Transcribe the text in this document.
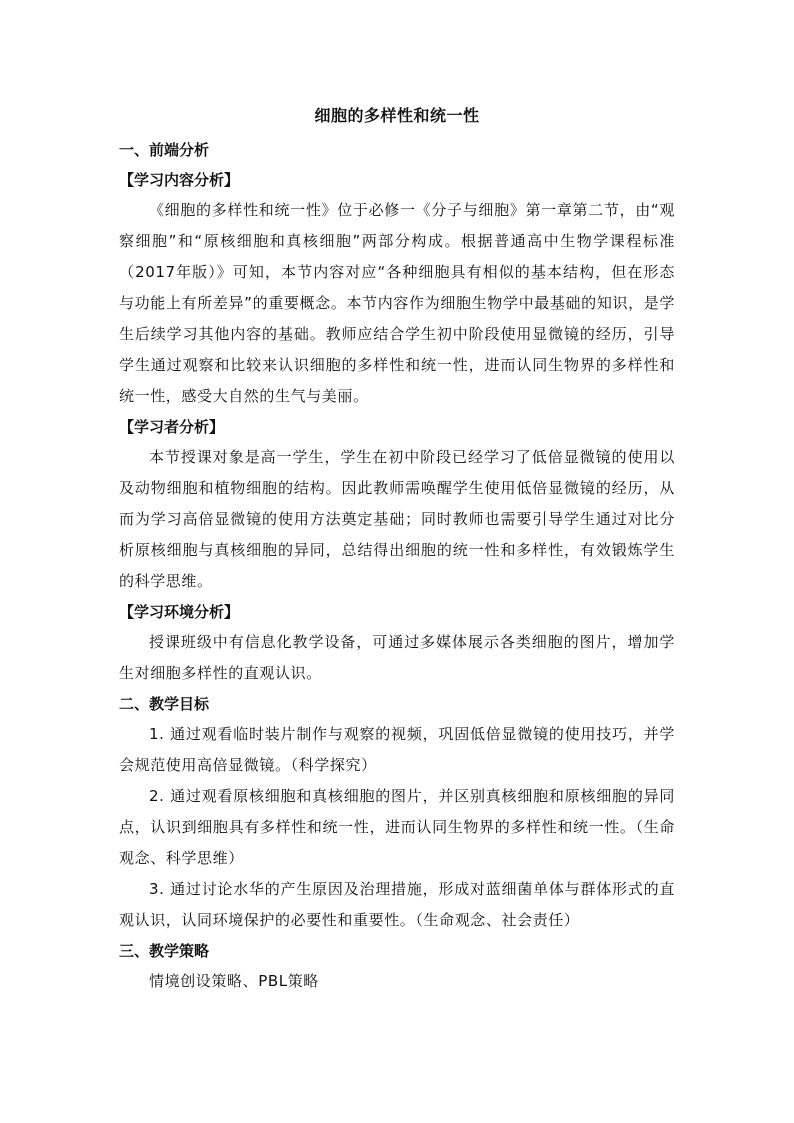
细胞的多样性和统一性

一、前端分析

【学习内容分析】

《细胞的多样性和统一性》位于必修一《分子与细胞》第一章第二节，由“观察细胞”和“原核细胞和真核细胞”两部分构成。根据普通高中生物学课程标准（2017年版）》可知，本节内容对应“各种细胞具有相似的基本结构，但在形态与功能上有所差异”的重要概念。本节内容作为细胞生物学中最基础的知识，是学生后续学习其他内容的基础。教师应结合学生初中阶段使用显微镜的经历，引导学生通过观察和比较来认识细胞的多样性和统一性，进而认同生物界的多样性和统一性，感受大自然的生气与美丽。

【学习者分析】

本节授课对象是高一学生，学生在初中阶段已经学习了低倍显微镜的使用以及动物细胞和植物细胞的结构。因此教师需唤醒学生使用低倍显微镜的经历，从而为学习高倍显微镜的使用方法奠定基础；同时教师也需要引导学生通过对比分析原核细胞与真核细胞的异同，总结得出细胞的统一性和多样性，有效锻炼学生的科学思维。

【学习环境分析】

授课班级中有信息化教学设备，可通过多媒体展示各类细胞的图片，增加学生对细胞多样性的直观认识。

二、教学目标

1. 通过观看临时装片制作与观察的视频，巩固低倍显微镜的使用技巧，并学会规范使用高倍显微镜。（科学探究）

2. 通过观看原核细胞和真核细胞的图片，并区别真核细胞和原核细胞的异同点，认识到细胞具有多样性和统一性，进而认同生物界的多样性和统一性。（生命观念、科学思维）

3. 通过讨论水华的产生原因及治理措施，形成对蓝细菌单体与群体形式的直观认识，认同环境保护的必要性和重要性。（生命观念、社会责任）

三、教学策略

情境创设策略、PBL策略
